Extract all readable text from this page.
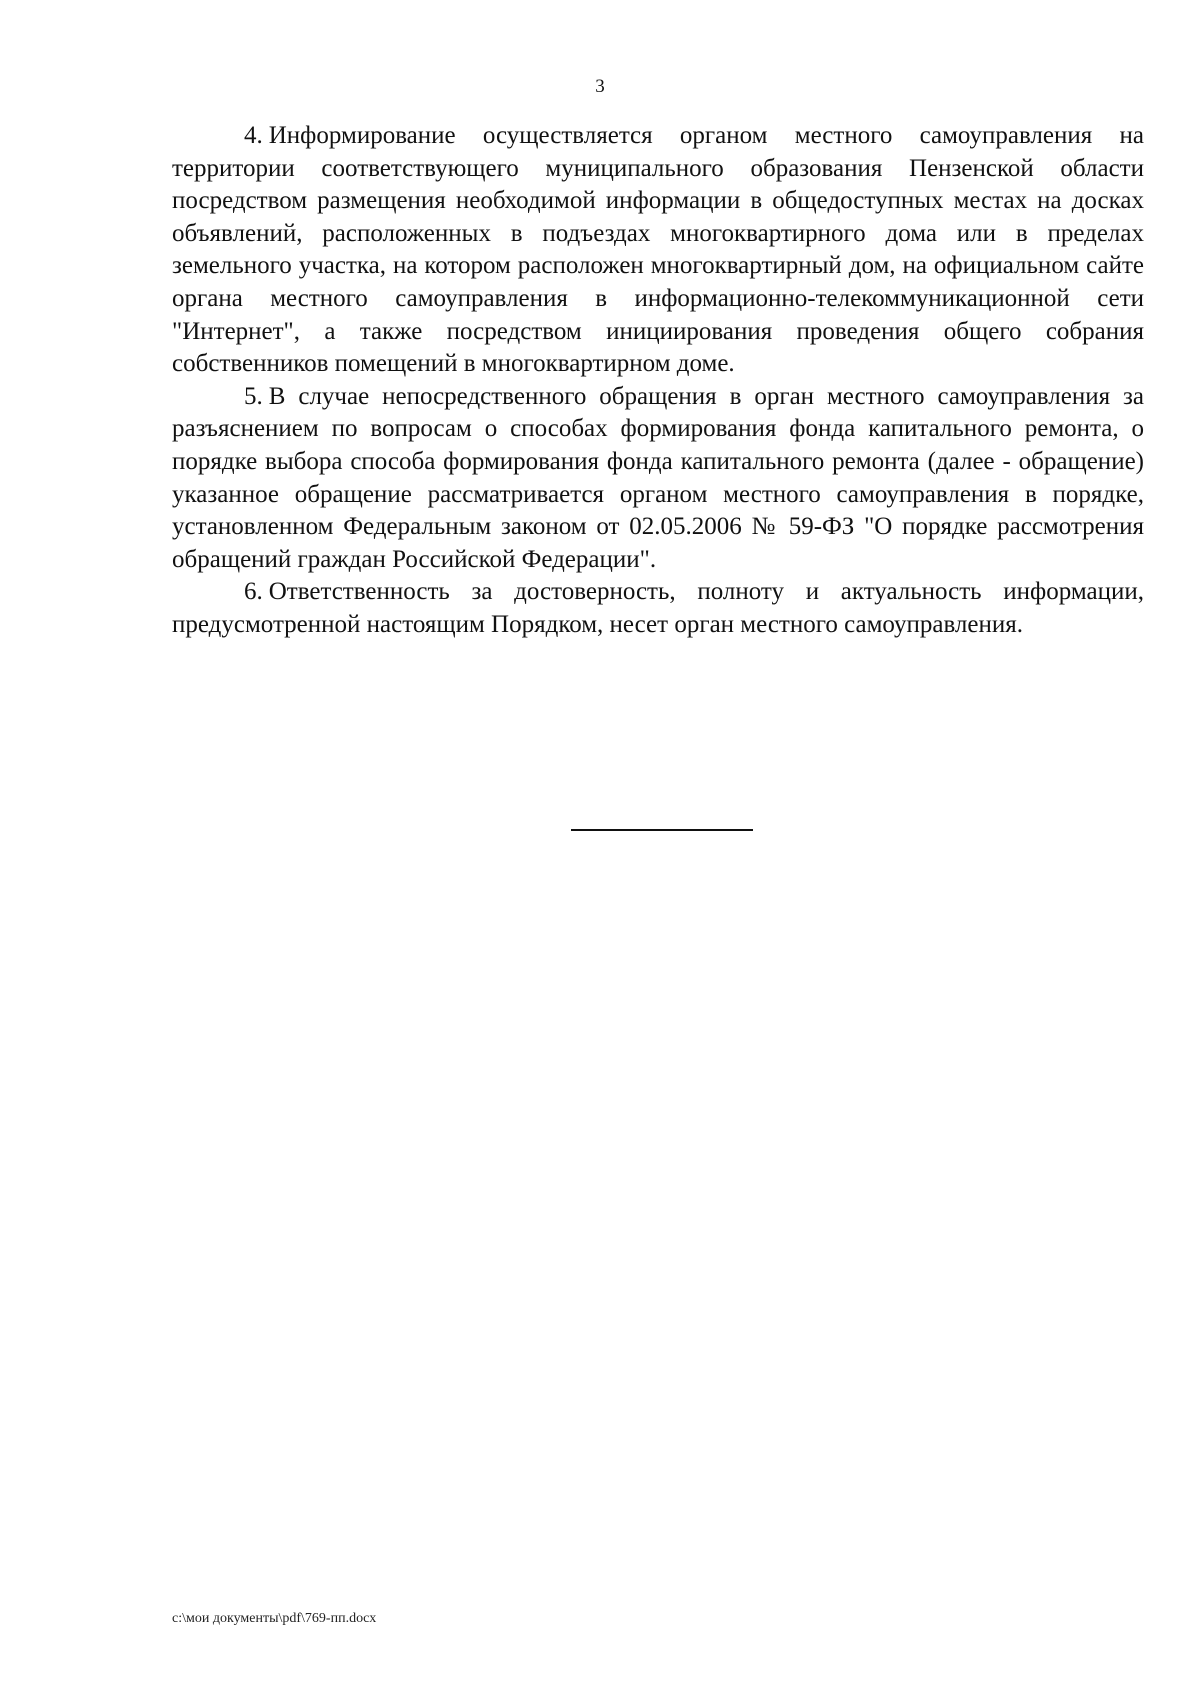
3

4. Информирование осуществляется органом местного самоуправления на территории соответствующего муниципального образования Пензенской области посредством размещения необходимой информации в общедоступных местах на досках объявлений, расположенных в подъездах многоквартирного дома или в пределах земельного участка, на котором расположен многоквартирный дом, на официальном сайте органа местного самоуправления в информационно-телекоммуникационной сети "Интернет", а также посредством инициирования проведения общего собрания собственников помещений в многоквартирном доме.

5. В случае непосредственного обращения в орган местного самоуправления за разъяснением по вопросам о способах формирования фонда капитального ремонта, о порядке выбора способа формирования фонда капитального ремонта (далее - обращение) указанное обращение рассматривается органом местного самоуправления в порядке, установленном Федеральным законом от 02.05.2006 № 59-ФЗ "О порядке рассмотрения обращений граждан Российской Федерации".

6. Ответственность за достоверность, полноту и актуальность информации, предусмотренной настоящим Порядком, несет орган местного самоуправления.

c:\мои документы\pdf\769-пп.docx
